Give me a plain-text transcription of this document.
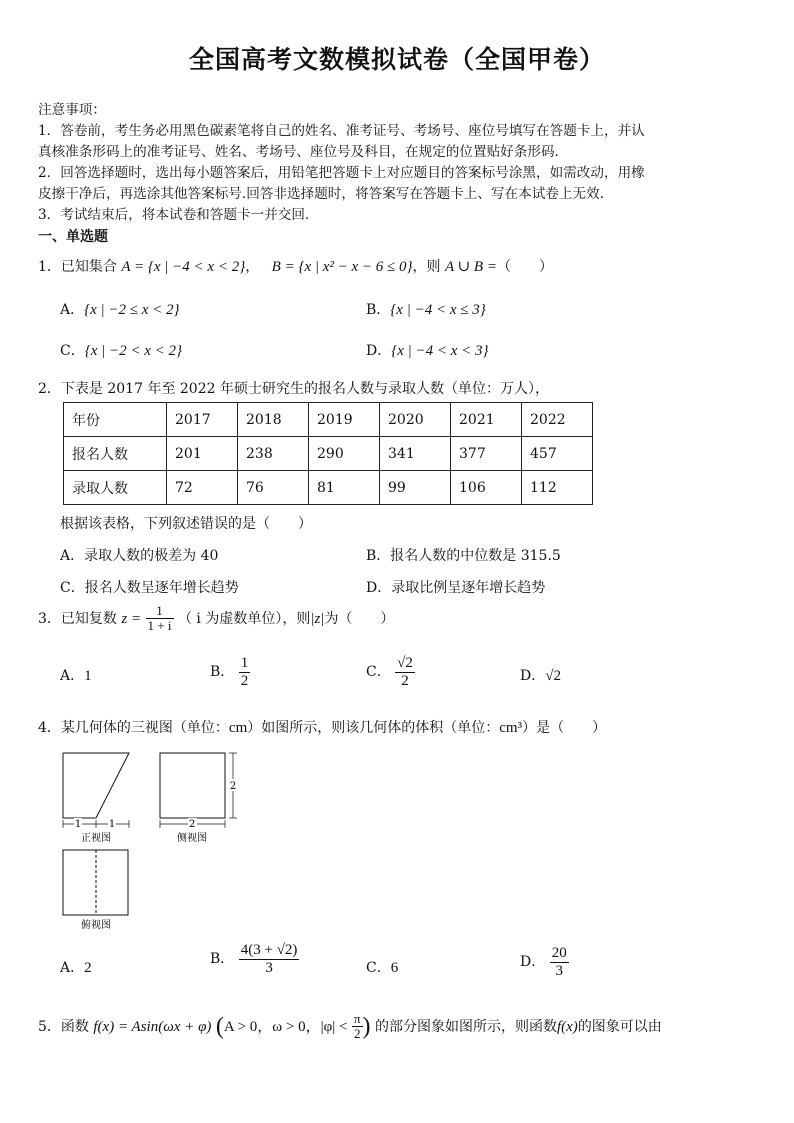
全国高考文数模拟试卷（全国甲卷）
注意事项：
1．答卷前，考生务必用黑色碳素笔将自己的姓名、准考证号、考场号、座位号填写在答题卡上，并认
真核准条形码上的准考证号、姓名、考场号、座位号及科目，在规定的位置贴好条形码.
2．回答选择题时，选出每小题答案后，用铅笔把答题卡上对应题目的答案标号涂黑，如需改动，用橡
皮擦干净后，再选涂其他答案标号.回答非选择题时，将答案写在答题卡上、写在本试卷上无效.
3．考试结束后，将本试卷和答题卡一并交回.
一、单选题
1．已知集合 A = {x | −4 < x < 2}， B = {x | x² − x − 6 ≤ 0}，则 A ∪ B =（　　）
A．{x | −2 ≤ x < 2}	B．{x | −4 < x ≤ 3}
C．{x | −2 < x < 2}	D．{x | −4 < x < 3}
2．下表是 2017 年至 2022 年硕士研究生的报名人数与录取人数（单位：万人），
年份	2017	2018	2019	2020	2021	2022
报名人数	201	238	290	341	377	457
录取人数	72	76	81	99	106	112
根据该表格，下列叙述错误的是（　　）
A．录取人数的极差为 40	B．报名人数的中位数是 315.5
C．报名人数呈逐年增长趋势	D．录取比例呈逐年增长趋势
3．已知复数 $z = \frac{1}{1 + i}$ （ i 为虚数单位），则|z|为（　　）
A．1	B． $\frac{1}{2}$	C． $\frac{√2}{2}$	D．√2
4．某几何体的三视图（单位：cm）如图所示，则该几何体的体积（单位：cm³）是（　　）
1	1
正视图
2
2
侧视图
俯视图
A．2
B． $\frac{4(3 + √2)}{3}$	C．6	D． $\frac{20}{3}$
5．函数 f(x) = Asin(ωx + φ) (A > 0，ω > 0，$|\varphi| < \frac{\pi}{2}$ ) 的部分图象如图所示，则函数f(x)的图象可以由
